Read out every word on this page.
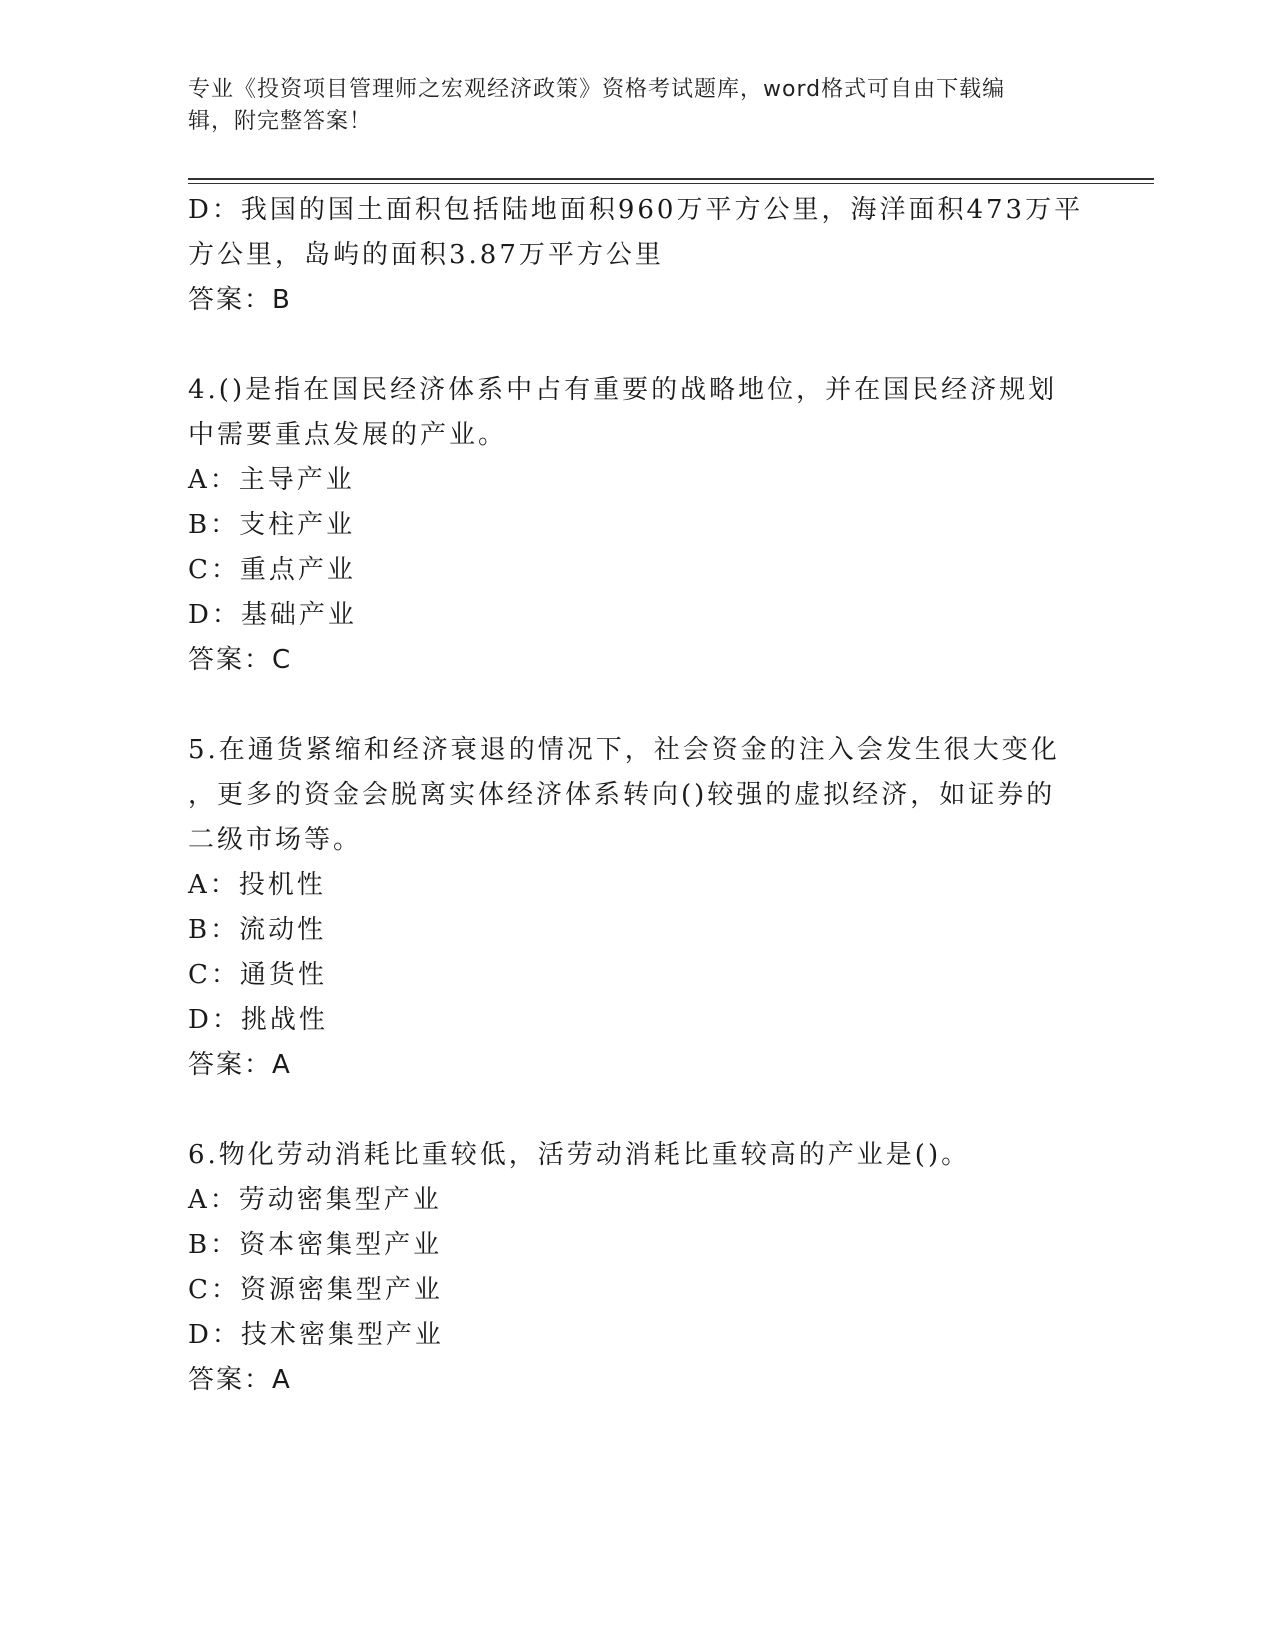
专业《投资项目管理师之宏观经济政策》资格考试题库，word格式可自由下载编
辑，附完整答案！
D：我国的国土面积包括陆地面积960万平方公里，海洋面积473万平
方公里，岛屿的面积3.87万平方公里
答案：B
4.()是指在国民经济体系中占有重要的战略地位，并在国民经济规划
中需要重点发展的产业。
A：主导产业
B：支柱产业
C：重点产业
D：基础产业
答案：C
5.在通货紧缩和经济衰退的情况下，社会资金的注入会发生很大变化
，更多的资金会脱离实体经济体系转向()较强的虚拟经济，如证券的
二级市场等。
A：投机性
B：流动性
C：通货性
D：挑战性
答案：A
6.物化劳动消耗比重较低，活劳动消耗比重较高的产业是()。
A：劳动密集型产业
B：资本密集型产业
C：资源密集型产业
D：技术密集型产业
答案：A
